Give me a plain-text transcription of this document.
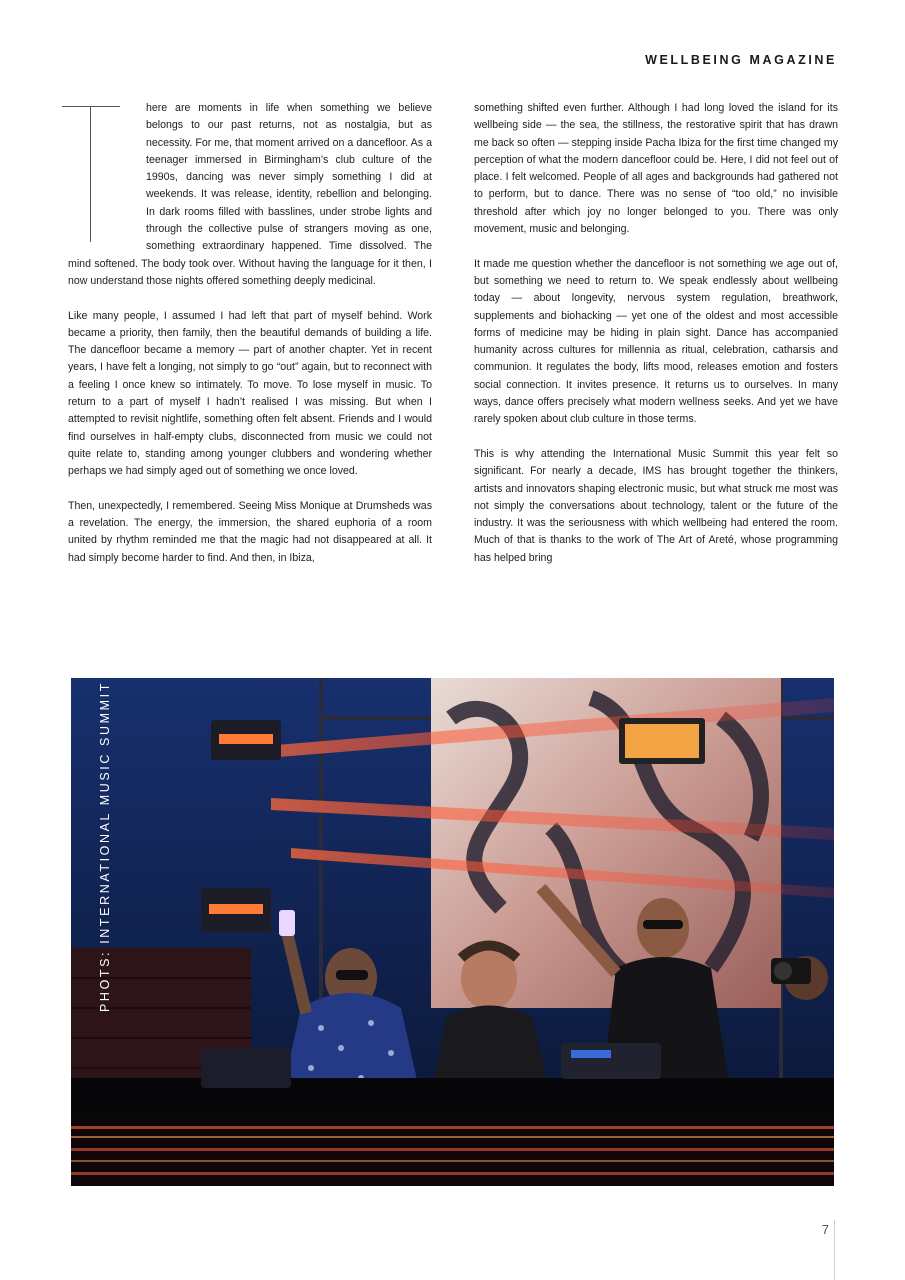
WELLBEING MAGAZINE

here are moments in life when something we believe belongs to our past returns, not as nostalgia, but as necessity. For me, that moment arrived on a dancefloor. As a teenager immersed in Birmingham’s club culture of the 1990s, dancing was never simply something I did at weekends. It was release, identity, rebellion and belonging. In dark rooms filled with basslines, under strobe lights and through the collective pulse of strangers moving as one, something extraordinary happened. Time dissolved. The mind softened. The body took over. Without having the language for it then, I now understand those nights offered something deeply medicinal.

Like many people, I assumed I had left that part of myself behind. Work became a priority, then family, then the beautiful demands of building a life. The dancefloor became a memory — part of another chapter. Yet in recent years, I have felt a longing, not simply to go “out” again, but to reconnect with a feeling I once knew so intimately. To move. To lose myself in music. To return to a part of myself I hadn’t realised I was missing. But when I attempted to revisit nightlife, something often felt absent. Friends and I would find ourselves in half-empty clubs, disconnected from music we could not quite relate to, standing among younger clubbers and wondering whether perhaps we had simply aged out of something we once loved.

Then, unexpectedly, I remembered. Seeing Miss Monique at Drumsheds was a revelation. The energy, the immersion, the shared euphoria of a room united by rhythm reminded me that the magic had not disappeared at all. It had simply become harder to find. And then, in Ibiza,

something shifted even further. Although I had long loved the island for its wellbeing side — the sea, the stillness, the restorative spirit that has drawn me back so often — stepping inside Pacha Ibiza for the first time changed my perception of what the modern dancefloor could be. Here, I did not feel out of place. I felt welcomed. People of all ages and backgrounds had gathered not to perform, but to dance. There was no sense of “too old,” no invisible threshold after which joy no longer belonged to you. There was only movement, music and belonging.

It made me question whether the dancefloor is not something we age out of, but something we need to return to. We speak endlessly about wellbeing today — about longevity, nervous system regulation, breathwork, supplements and biohacking — yet one of the oldest and most accessible forms of medicine may be hiding in plain sight. Dance has accompanied humanity across cultures for millennia as ritual, celebration, catharsis and communion. It regulates the body, lifts mood, releases emotion and fosters social connection. It invites presence. It returns us to ourselves. In many ways, dance offers precisely what modern wellness seeks. And yet we have rarely spoken about club culture in those terms.

This is why attending the International Music Summit this year felt so significant. For nearly a decade, IMS has brought together the thinkers, artists and innovators shaping electronic music, but what struck me most was not simply the conversations about technology, talent or the future of the industry. It was the seriousness with which wellbeing had entered the room. Much of that is thanks to the work of The Art of Areté, whose programming has helped bring

PHOTS: INTERNATIONAL MUSIC SUMMIT
7
